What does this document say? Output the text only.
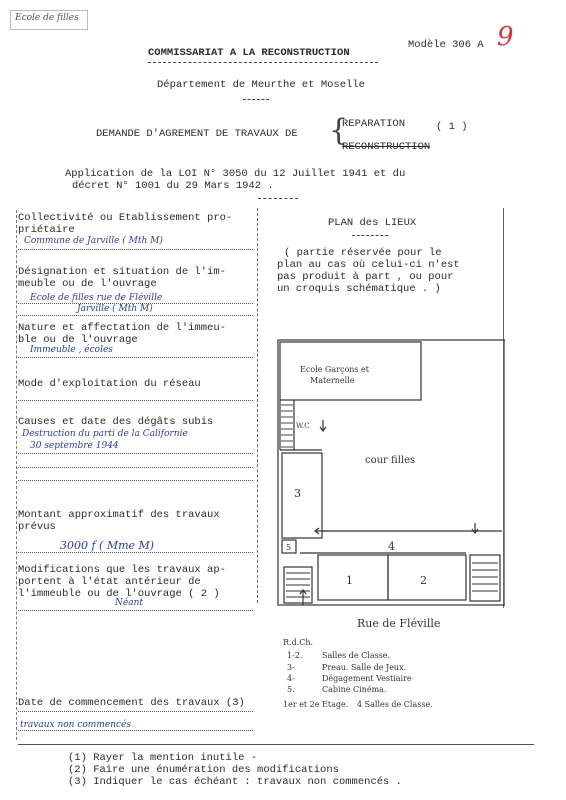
Ecole de filles
COMMISSARIAT A LA RECONSTRUCTION
Modèle 306 A 9
Département de Meurthe et Moselle
DEMANDE D'AGREMENT DE TRAVAUX DE {
REPARATION	( 1 )
RECONSTRUCTION
Application de la LOI N° 3050 du 12 Juillet 1941 et du
décret N° 1001 du 29 Mars 1942 .
Collectivité ou Etablissement pro-
priétaire
Commune de Jarville ( Mth M)
Désignation et situation de l'im-
meuble ou de l'ouvrage
Ecole de filles rue de Fléville
Jarville ( Mth M)
Nature et affectation de l'immeu-
ble ou de l'ouvrage
Immeuble , écoles
Mode d'exploitation du réseau
Causes et date des dégâts subis
Destruction du parti de la Californie
30 septembre 1944
Montant approximatif des travaux
prévus
3000 f ( Mme M)
Modifications que les travaux ap-
portent à l'état antérieur de
l'immeuble ou de l'ouvrage ( 2 )
Néant
Date de commencement des travaux (3)
travaux non commencés
PLAN des LIEUX
( partie réservée pour le
plan au cas où celui-ci n'est
pas produit à part , ou pour
un croquis schématique . )
Ecole Garçons et
Maternelle
W.C
cour filles
3
4
5
1	2
Rue de Fléville
R.d.Ch.
1-2. Salles de Classe.
3-	Preau. Salle de Jeux.
4-	Dégagement Vestiaire
5.	Cabine Cinéma.
1er et 2e Etage. 4 Salles de Classe.
(1) Rayer la mention inutile -
(2) Faire une énumération des modifications
(3) Indiquer le cas échéant : travaux non commencés .
